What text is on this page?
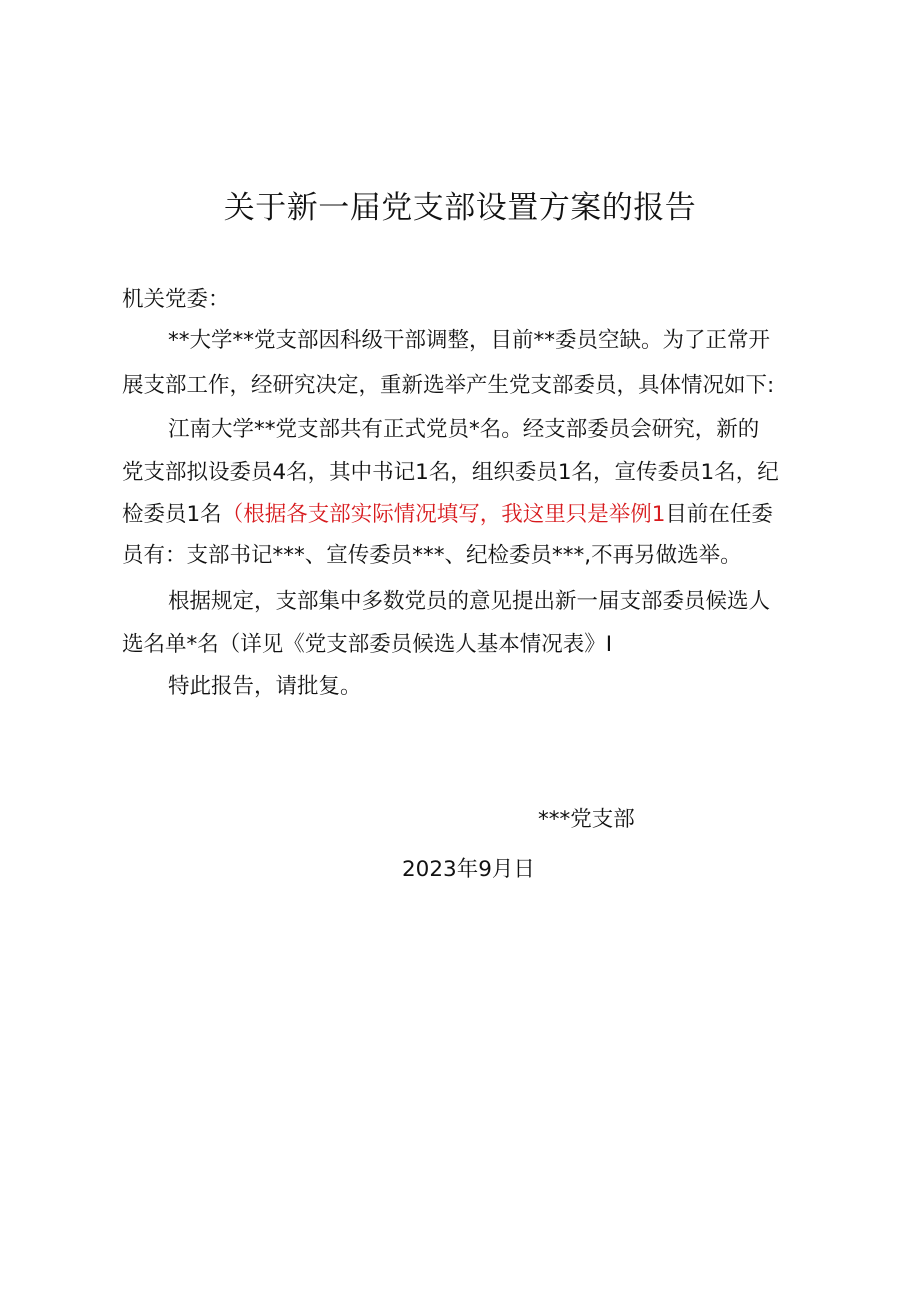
关于新一届党支部设置方案的报告
机关党委：
**大学**党支部因科级干部调整，目前**委员空缺。为了正常开
展支部工作，经研究决定，重新选举产生党支部委员，具体情况如下:
江南大学**党支部共有正式党员*名。经支部委员会研究，新的
党支部拟设委员4名，其中书记1名，组织委员1名，宣传委员1名，纪
检委员1名（根据各支部实际情况填写，我这里只是举例1目前在任委
员有：支部书记***、宣传委员***、纪检委员***,不再另做选举。
根据规定，支部集中多数党员的意见提出新一届支部委员候选人
选名单*名（详见《党支部委员候选人基本情况表》I
特此报告，请批复。
***党支部
2023年9月日
